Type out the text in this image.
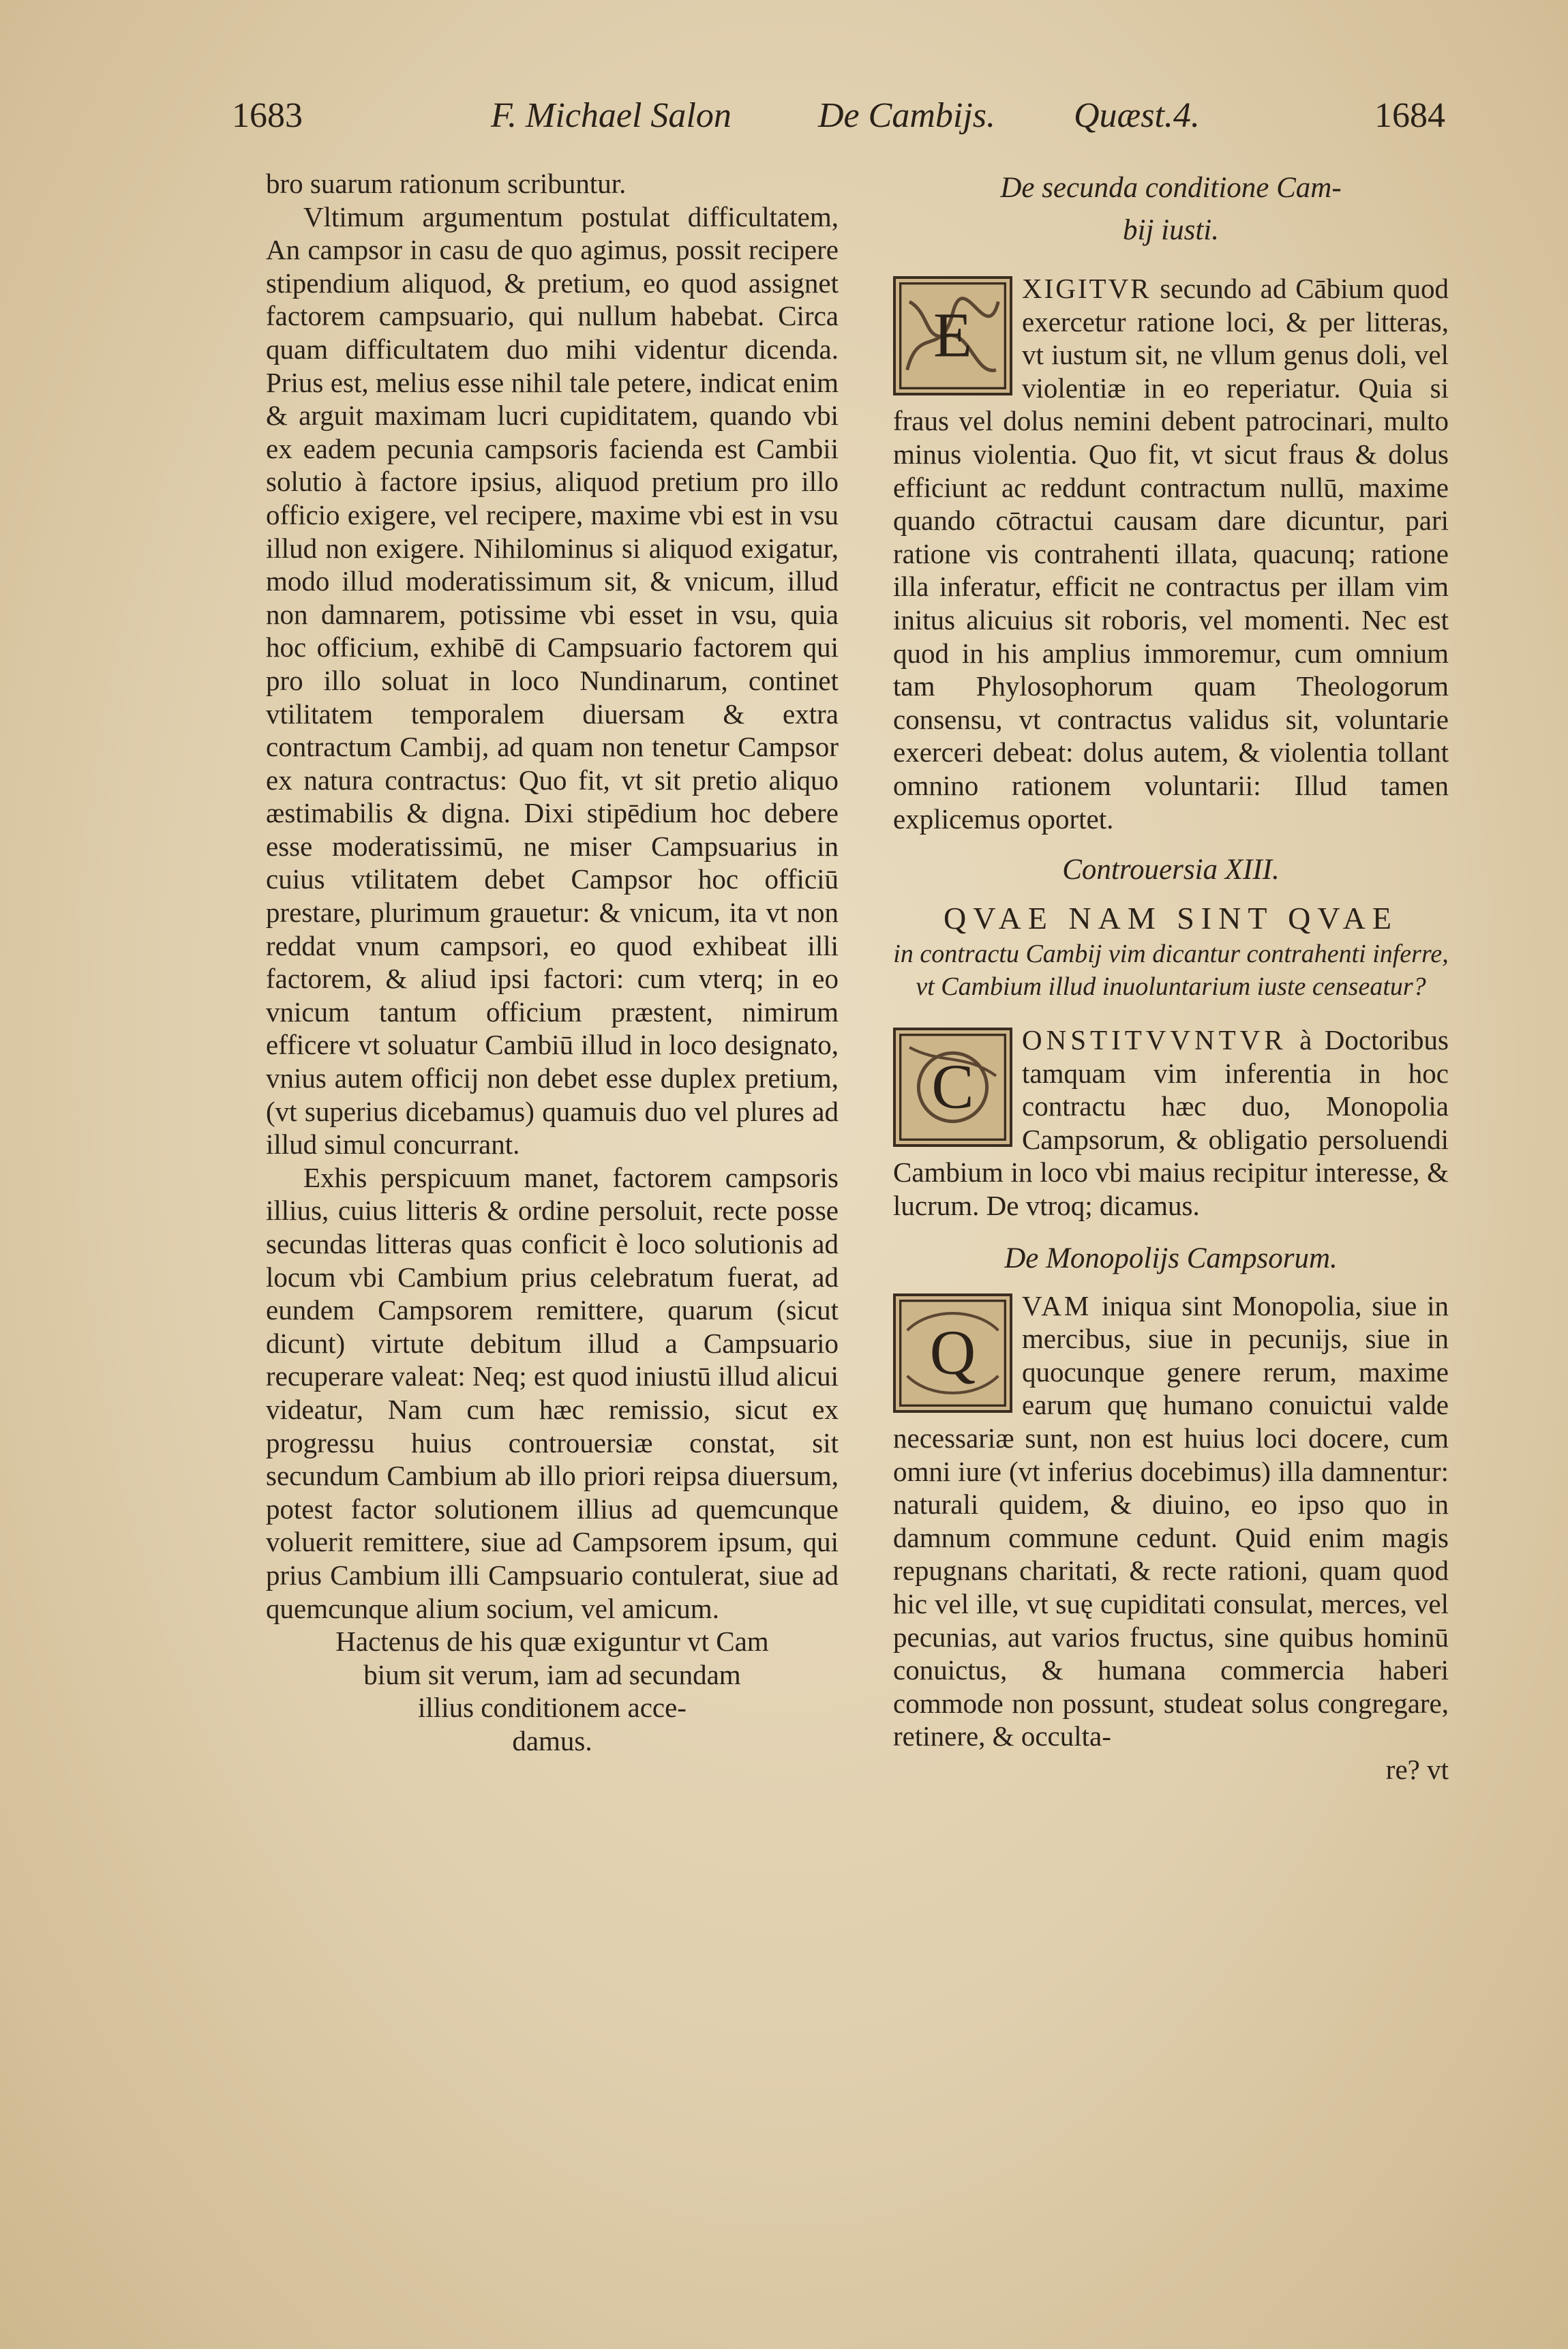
1683	F. Michael Salon De Cambijs. Quæst.4.	1684

bro suarum rationum scribuntur.

Vltimum argumentum postulat difficultatem, An campsor in casu de quo agimus, possit recipere stipendium aliquod, & pretium, eo quod assignet factorem campsuario, qui nullum habebat. Circa quam difficultatem duo mihi videntur dicenda. Prius est, melius esse nihil tale petere, indicat enim & arguit maximam lucri cupiditatem, quando vbi ex eadem pecunia campsoris facienda est Cambii solutio à factore ipsius, aliquod pretium pro illo officio exigere, vel recipere, maxime vbi est in vsu illud non exigere. Nihilominus si aliquod exigatur, modo illud moderatissimum sit, & vnicum, illud non damnarem, potissime vbi esset in vsu, quia hoc officium, exhibē di Campsuario factorem qui pro illo soluat in loco Nundinarum, continet vtilitatem temporalem diuersam & extra contractum Cambij, ad quam non tenetur Campsor ex natura contractus: Quo fit, vt sit pretio aliquo æstimabilis & digna. Dixi stipēdium hoc debere esse moderatissimū, ne miser Campsuarius in cuius vtilitatem debet Campsor hoc officiū prestare, plurimum grauetur: & vnicum, ita vt non reddat vnum campsori, eo quod exhibeat illi factorem, & aliud ipsi factori: cum vterq; in eo vnicum tantum officium præstent, nimirum efficere vt soluatur Cambiū illud in loco designato, vnius autem officij non debet esse duplex pretium, (vt superius dicebamus) quamuis duo vel plures ad illud simul concurrant.

Exhis perspicuum manet, factorem campsoris illius, cuius litteris & ordine persoluit, recte posse secundas litteras quas conficit è loco solutionis ad locum vbi Cambium prius celebratum fuerat, ad eundem Campsorem remittere, quarum (sicut dicunt) virtute debitum illud a Campsuario recuperare valeat: Neq; est quod iniustū illud alicui videatur, Nam cum hæc remissio, sicut ex progressu huius controuersiæ constat, sit secundum Cambium ab illo priori reipsa diuersum, potest factor solutionem illius ad quemcunque voluerit remittere, siue ad Campsorem ipsum, qui prius Cambium illi Campsuario contulerat, siue ad quemcunque alium socium, vel amicum.

Hactenus de his quæ exiguntur vt Cam
bium sit verum, iam ad secundam
illius conditionem acce-
damus.
De secunda conditione Cam-
bij iusti.
E

XIGITVR secundo ad Cābium quod exercetur ratione loci, & per litteras, vt iustum sit, ne vllum genus doli, vel violentiæ in eo reperiatur. Quia si fraus vel dolus nemini debent patrocinari, multo minus violentia. Quo fit, vt sicut fraus & dolus efficiunt ac reddunt contractum nullū, maxime quando cōtractui causam dare dicuntur, pari ratione vis contrahenti illata, quacunq; ratione illa inferatur, efficit ne contractus per illam vim initus alicuius sit roboris, vel momenti. Nec est quod in his amplius immoremur, cum omnium tam Phylosophorum quam Theologorum consensu, vt contractus validus sit, voluntarie exerceri debeat: dolus autem, & violentia tollant omnino rationem voluntarii: Illud tamen explicemus oportet.

Controuersia XIII.
QVAE NAM SINT QVAE
in contractu Cambij vim dicantur contrahenti inferre, vt Cambium illud inuoluntarium iuste censeatur?
C

ONSTITVVNTVR à Doctoribus tamquam vim inferentia in hoc contractu hæc duo, Monopolia Campsorum, & obligatio persoluendi Cambium in loco vbi maius recipitur interesse, & lucrum. De vtroq; dicamus.

De Monopolijs Campsorum.
Q

VAM iniqua sint Monopolia, siue in mercibus, siue in pecunijs, siue in quocunque genere rerum, maxime earum quę humano conuictui valde necessariæ sunt, non est huius loci docere, cum omni iure (vt inferius docebimus) illa damnentur: naturali quidem, & diuino, eo ipso quo in damnum commune cedunt. Quid enim magis repugnans charitati, & recte rationi, quam quod hic vel ille, vt suę cupiditati consulat, merces, vel pecunias, aut varios fructus, sine quibus hominū conuictus, & humana commercia haberi commode non possunt, studeat solus congregare, retinere, & occulta-

re? vt
